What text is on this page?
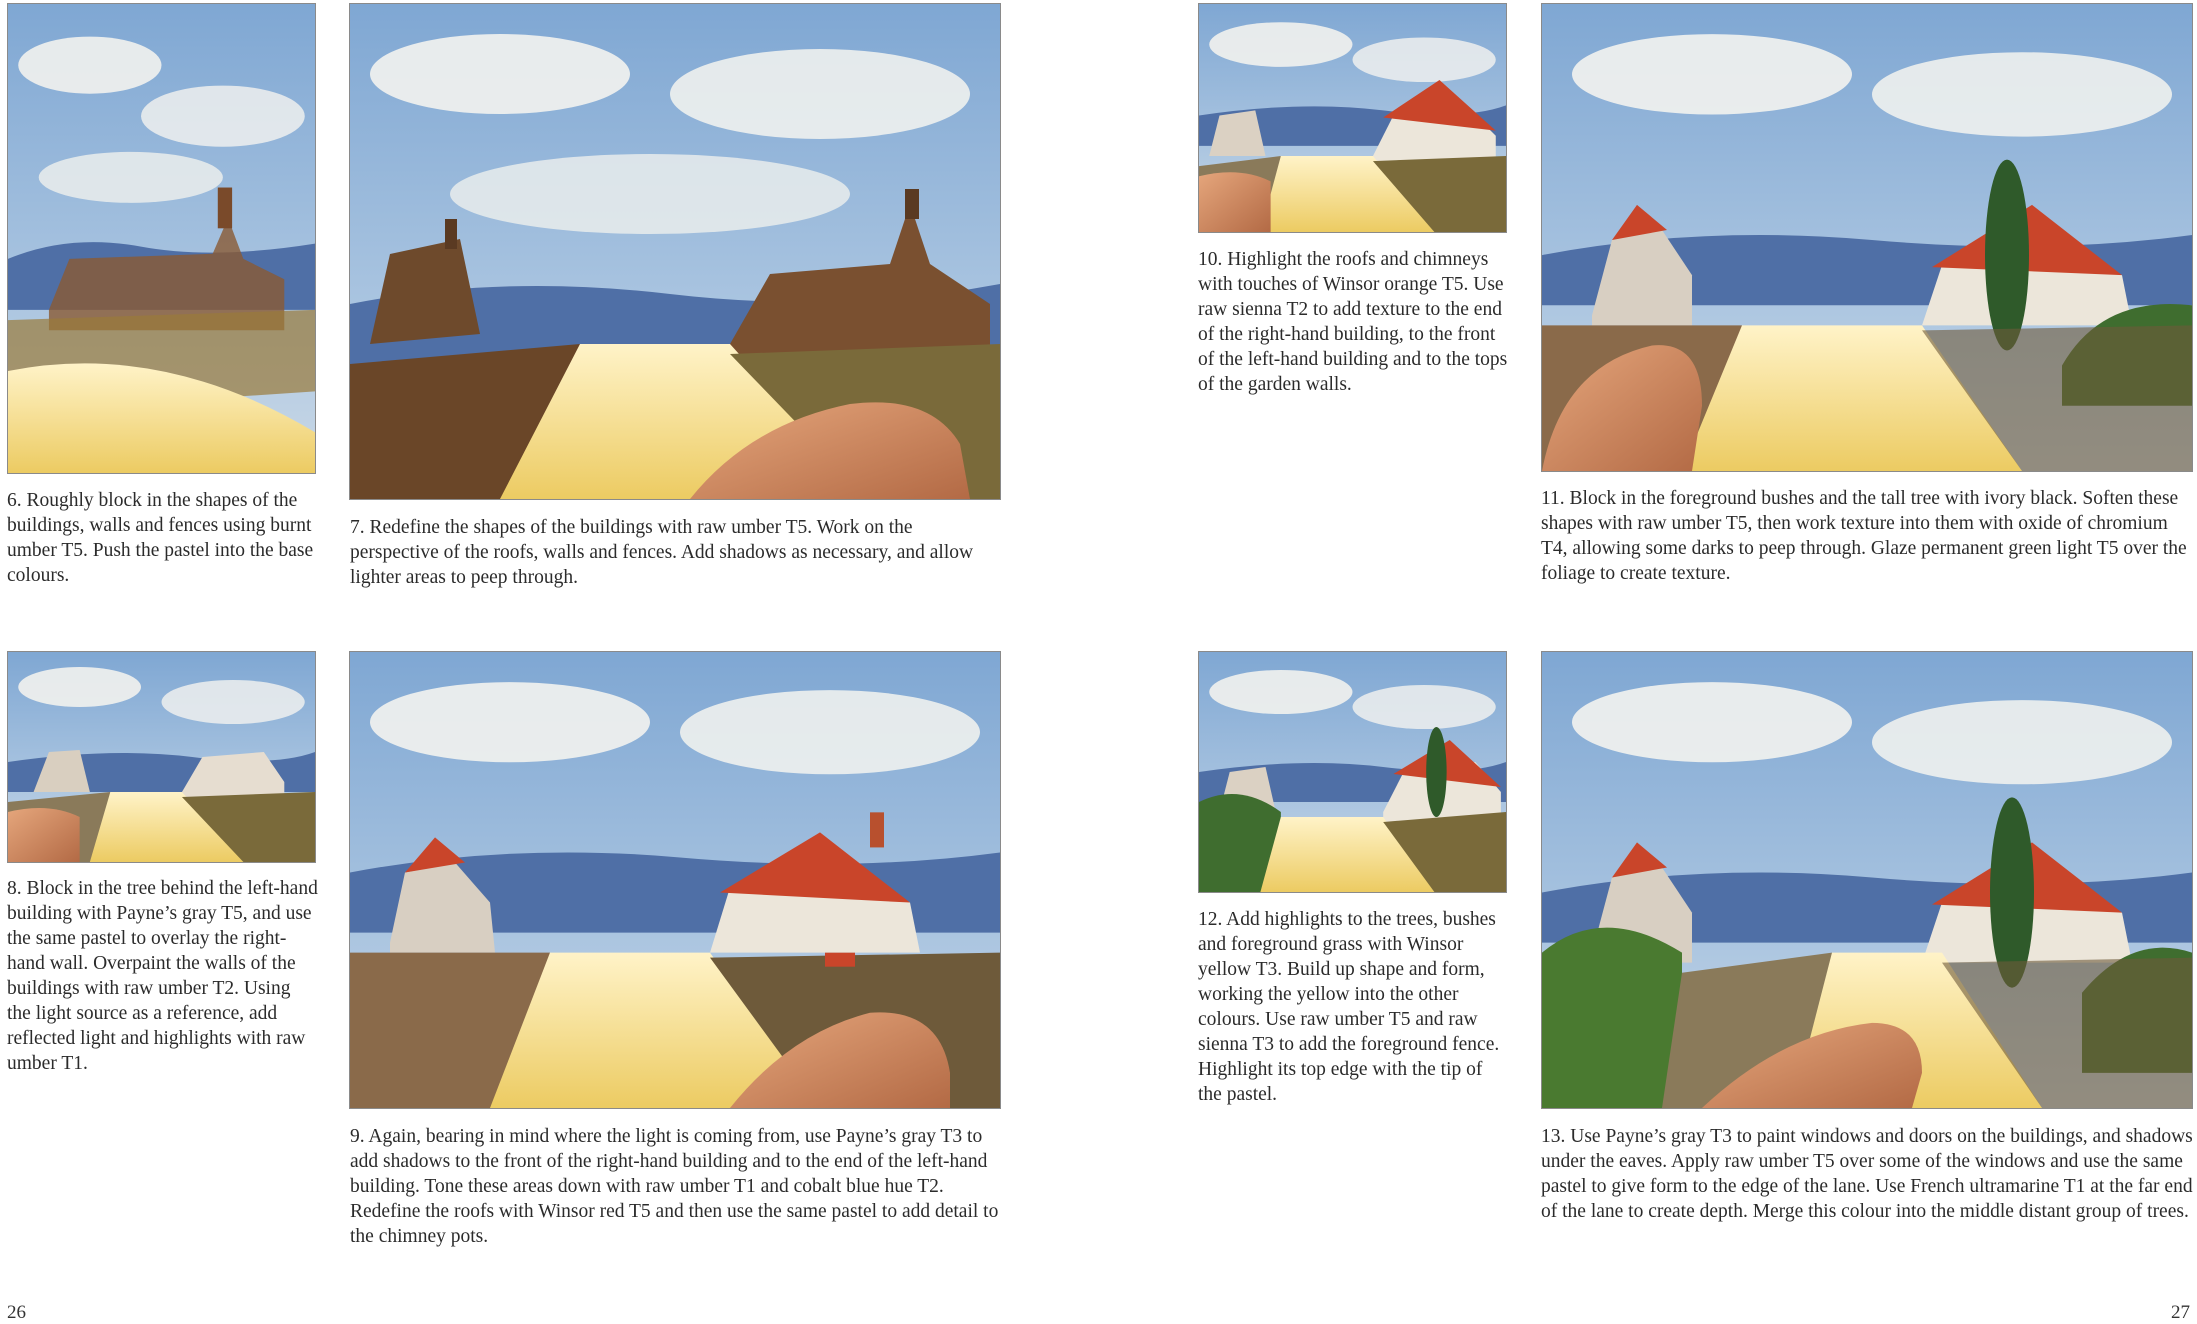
6. Roughly block in the shapes of the buildings, walls and fences using burnt umber T5. Push the pastel into the base colours.

7. Redefine the shapes of the buildings with raw umber T5. Work on the perspective of the roofs, walls and fences. Add shadows as necessary, and allow lighter areas to peep through.

8. Block in the tree behind the left-hand building with Payne’s gray T5, and use the same pastel to overlay the right-hand wall. Overpaint the walls of the buildings with raw umber T2. Using the light source as a reference, add reflected light and highlights with raw umber T1.

9. Again, bearing in mind where the light is coming from, use Payne’s gray T3 to add shadows to the front of the right-hand building and to the end of the left-hand building. Tone these areas down with raw umber T1 and cobalt blue hue T2. Redefine the roofs with Winsor red T5 and then use the same pastel to add detail to the chimney pots.

26

10. Highlight the roofs and chimneys with touches of Winsor orange T5. Use raw sienna T2 to add texture to the end of the right-hand building, to the front of the left-hand building and to the tops of the garden walls.

11. Block in the foreground bushes and the tall tree with ivory black. Soften these shapes with raw umber T5, then work texture into them with oxide of chromium T4, allowing some darks to peep through. Glaze permanent green light T5 over the foliage to create texture.

12. Add highlights to the trees, bushes and foreground grass with Winsor yellow T3. Build up shape and form, working the yellow into the other colours. Use raw umber T5 and raw sienna T3 to add the foreground fence. Highlight its top edge with the tip of the pastel.

13. Use Payne’s gray T3 to paint windows and doors on the buildings, and shadows under the eaves. Apply raw umber T5 over some of the windows and use the same pastel to give form to the edge of the lane. Use French ultramarine T1 at the far end of the lane to create depth. Merge this colour into the middle distant group of trees.

27
